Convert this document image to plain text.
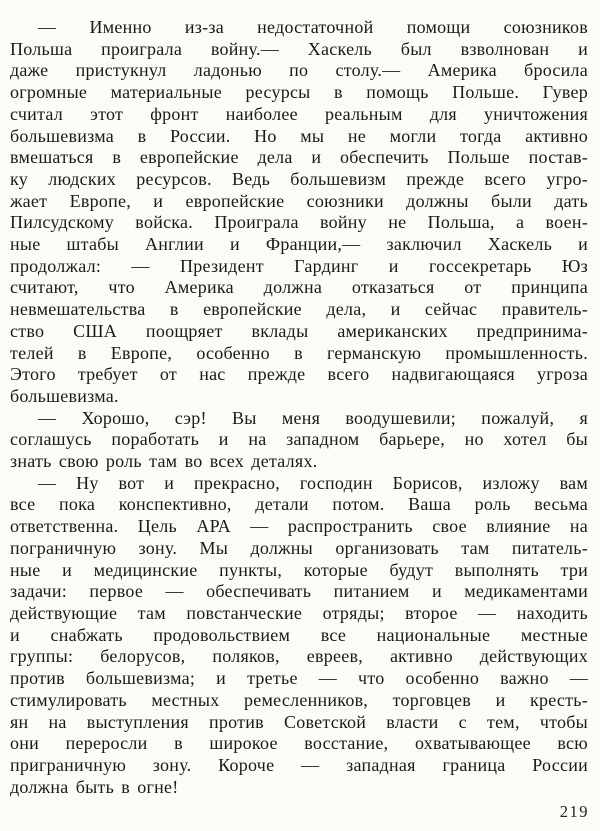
— Именно из-за недостаточной помощи союзников
Польша проиграла войну.— Хаскель был взволнован и
даже пристукнул ладонью по столу.— Америка бросила
огромные материальные ресурсы в помощь Польше. Гувер
считал этот фронт наиболее реальным для уничтожения
большевизма в России. Но мы не могли тогда активно
вмешаться в европейские дела и обеспечить Польше постав-
ку людских ресурсов. Ведь большевизм прежде всего угро-
жает Европе, и европейские союзники должны были дать
Пилсудскому войска. Проиграла войну не Польша, а воен-
ные штабы Англии и Франции,— заключил Хаскель и
продолжал: — Президент Гардинг и госсекретарь Юз
считают, что Америка должна отказаться от принципа
невмешательства в европейские дела, и сейчас правитель-
ство США поощряет вклады американских предпринима-
телей в Европе, особенно в германскую промышленность.
Этого требует от нас прежде всего надвигающаяся угроза
большевизма.
— Хорошо, сэр! Вы меня воодушевили; пожалуй, я
соглашусь поработать и на западном барьере, но хотел бы
знать свою роль там во всех деталях.
— Ну вот и прекрасно, господин Борисов, изложу вам
все пока конспективно, детали потом. Ваша роль весьма
ответственна. Цель АРА — распространить свое влияние на
пограничную зону. Мы должны организовать там питатель-
ные и медицинские пункты, которые будут выполнять три
задачи: первое — обеспечивать питанием и медикаментами
действующие там повстанческие отряды; второе — находить
и снабжать продовольствием все национальные местные
группы: белорусов, поляков, евреев, активно действующих
против большевизма; и третье — что особенно важно —
стимулировать местных ремесленников, торговцев и кресть-
ян на выступления против Советской власти с тем, чтобы
они переросли в широкое восстание, охватывающее всю
приграничную зону. Короче — западная граница России
должна быть в огне!
219
